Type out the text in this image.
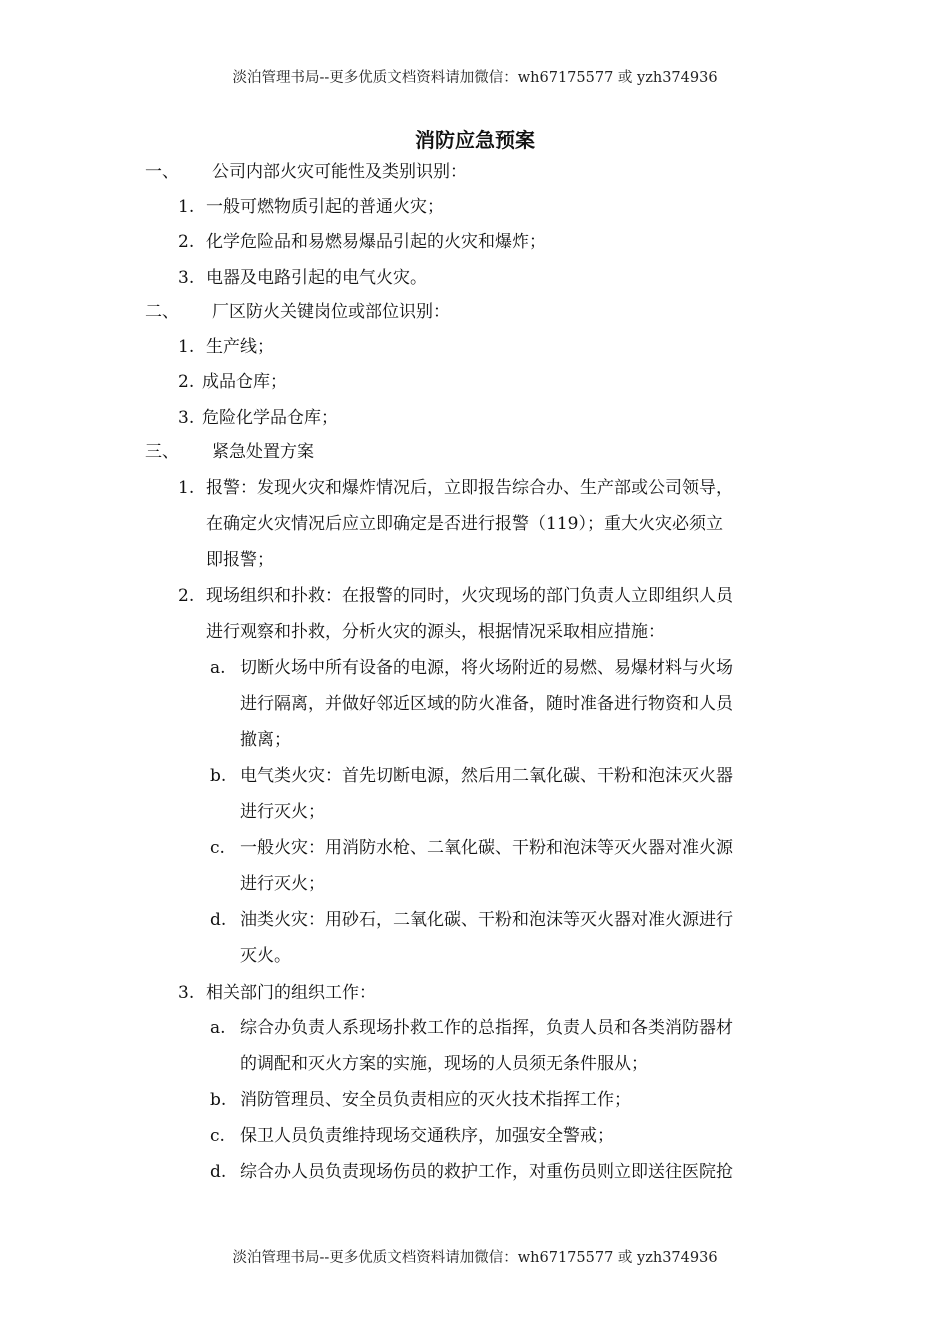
淡泊管理书局--更多优质文档资料请加微信：wh67175577 或 yzh374936
消防应急预案
一、 公司内部火灾可能性及类别识别：
1. 一般可燃物质引起的普通火灾；
2. 化学危险品和易燃易爆品引起的火灾和爆炸；
3. 电器及电路引起的电气火灾。
二、 厂区防火关键岗位或部位识别：
1. 生产线；
2. 成品仓库；
3. 危险化学品仓库；
三、 紧急处置方案
1. 报警：发现火灾和爆炸情况后，立即报告综合办、生产部或公司领导，
在确定火灾情况后应立即确定是否进行报警（119）；重大火灾必须立
即报警；
2. 现场组织和扑救：在报警的同时，火灾现场的部门负责人立即组织人员
进行观察和扑救，分析火灾的源头，根据情况采取相应措施：
a. 切断火场中所有设备的电源，将火场附近的易燃、易爆材料与火场
进行隔离，并做好邻近区域的防火准备，随时准备进行物资和人员
撤离；
b. 电气类火灾：首先切断电源，然后用二氧化碳、干粉和泡沫灭火器
进行灭火；
c. 一般火灾：用消防水枪、二氧化碳、干粉和泡沫等灭火器对准火源
进行灭火；
d. 油类火灾：用砂石，二氧化碳、干粉和泡沫等灭火器对准火源进行
灭火。
3. 相关部门的组织工作：
a. 综合办负责人系现场扑救工作的总指挥，负责人员和各类消防器材
的调配和灭火方案的实施，现场的人员须无条件服从；
b. 消防管理员、安全员负责相应的灭火技术指挥工作；
c. 保卫人员负责维持现场交通秩序，加强安全警戒；
d. 综合办人员负责现场伤员的救护工作，对重伤员则立即送往医院抢
淡泊管理书局--更多优质文档资料请加微信：wh67175577 或 yzh374936
